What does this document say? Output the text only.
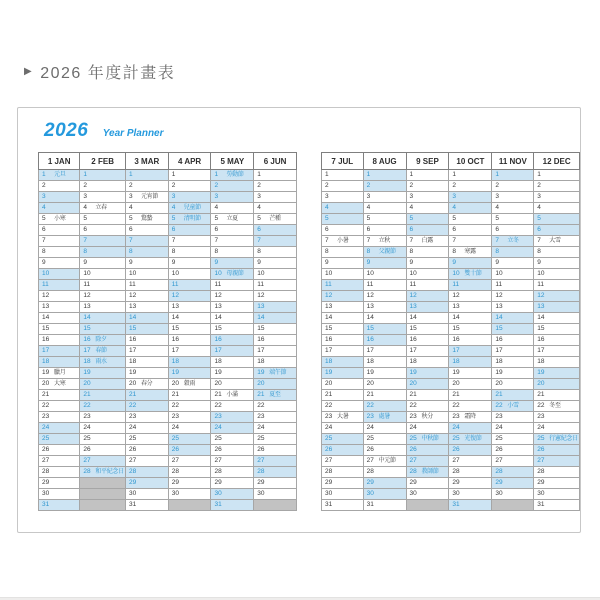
▶ 2026 年度計畫表
2026 Year Planner
1 JAN	2 FEB	3 MAR	4 APR	5 MAY	6 JUN
1 元旦	1	1	1	1 勞動節	1
2	2	2	2	2	2
3	3	3 元宵節	3	3	3
4	4 立春	4	4 兒童節	4	4
5 小寒	5	5 驚蟄	5 清明節	5 立夏	5 芒種
6	6	6	6	6	6
7	7	7	7	7	7
8	8	8	8	8	8
9	9	9	9	9	9
10	10	10	10	10 母親節	10
11	11	11	11	11	11
12	12	12	12	12	12
13	13	13	13	13	13
14	14	14	14	14	14
15	15	15	15	15	15
16	16 除夕	16	16	16	16
17	17 春節	17	17	17	17
18	18 雨水	18	18	18	18
19 臘月	19	19	19	19	19 端午節
20 大寒	20	20 春分	20 穀雨	20	20
21	21	21	21	21 小滿	21 夏至
22	22	22	22	22	22
23	23	23	23	23	23
24	24	24	24	24	24
25	25	25	25	25	25
26	26	26	26	26	26
27	27	27	27	27	27
28	28 和平紀念日	28	28	28	28
29		29	29	29	29
30		30	30	30	30
31		31		31	
7 JUL	8 AUG	9 SEP	10 OCT	11 NOV	12 DEC
1	1	1	1	1	1
2	2	2	2	2	2
3	3	3	3	3	3
4	4	4	4	4	4
5	5	5	5	5	5
6	6	6	6	6	6
7 小暑	7 立秋	7 白露	7	7 立冬	7 大雪
8	8 父親節	8	8 寒露	8	8
9	9	9	9	9	9
10	10	10	10 雙十節	10	10
11	11	11	11	11	11
12	12	12	12	12	12
13	13	13	13	13	13
14	14	14	14	14	14
15	15	15	15	15	15
16	16	16	16	16	16
17	17	17	17	17	17
18	18	18	18	18	18
19	19	19	19	19	19
20	20	20	20	20	20
21	21	21	21	21	21
22	22	22	22	22 小雪	22 冬至
23 大暑	23 處暑	23 秋分	23 霜降	23	23
24	24	24	24	24	24
25	25	25 中秋節	25 光復節	25	25 行憲紀念日
26	26	26	26	26	26
27	27 中元節	27	27	27	27
28	28	28 教師節	28	28	28
29	29	29	29	29	29
30	30	30	30	30	30
31	31		31		31
